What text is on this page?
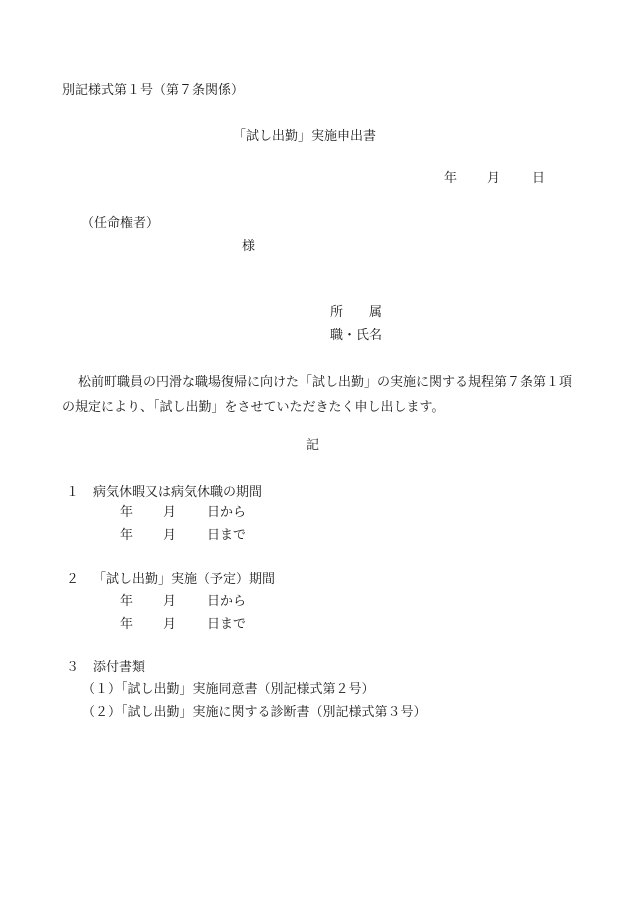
別記様式第１号（第７条関係）
「試し出勤」実施申出書
年 月 日
（任命権者）
様
所　　属
職・氏名
松前町職員の円滑な職場復帰に向けた「試し出勤」の実施に関する規程第７条第１項の規定により、「試し出勤」をさせていただきたく申し出します。
記
１ 病気休暇又は病気休職の期間
年 月 日から
年 月 日まで
２ 「試し出勤」実施（予定）期間
年 月 日から
年 月 日まで
３ 添付書類
（１）「試し出勤」実施同意書（別記様式第２号）
（２）「試し出勤」実施に関する診断書（別記様式第３号）
